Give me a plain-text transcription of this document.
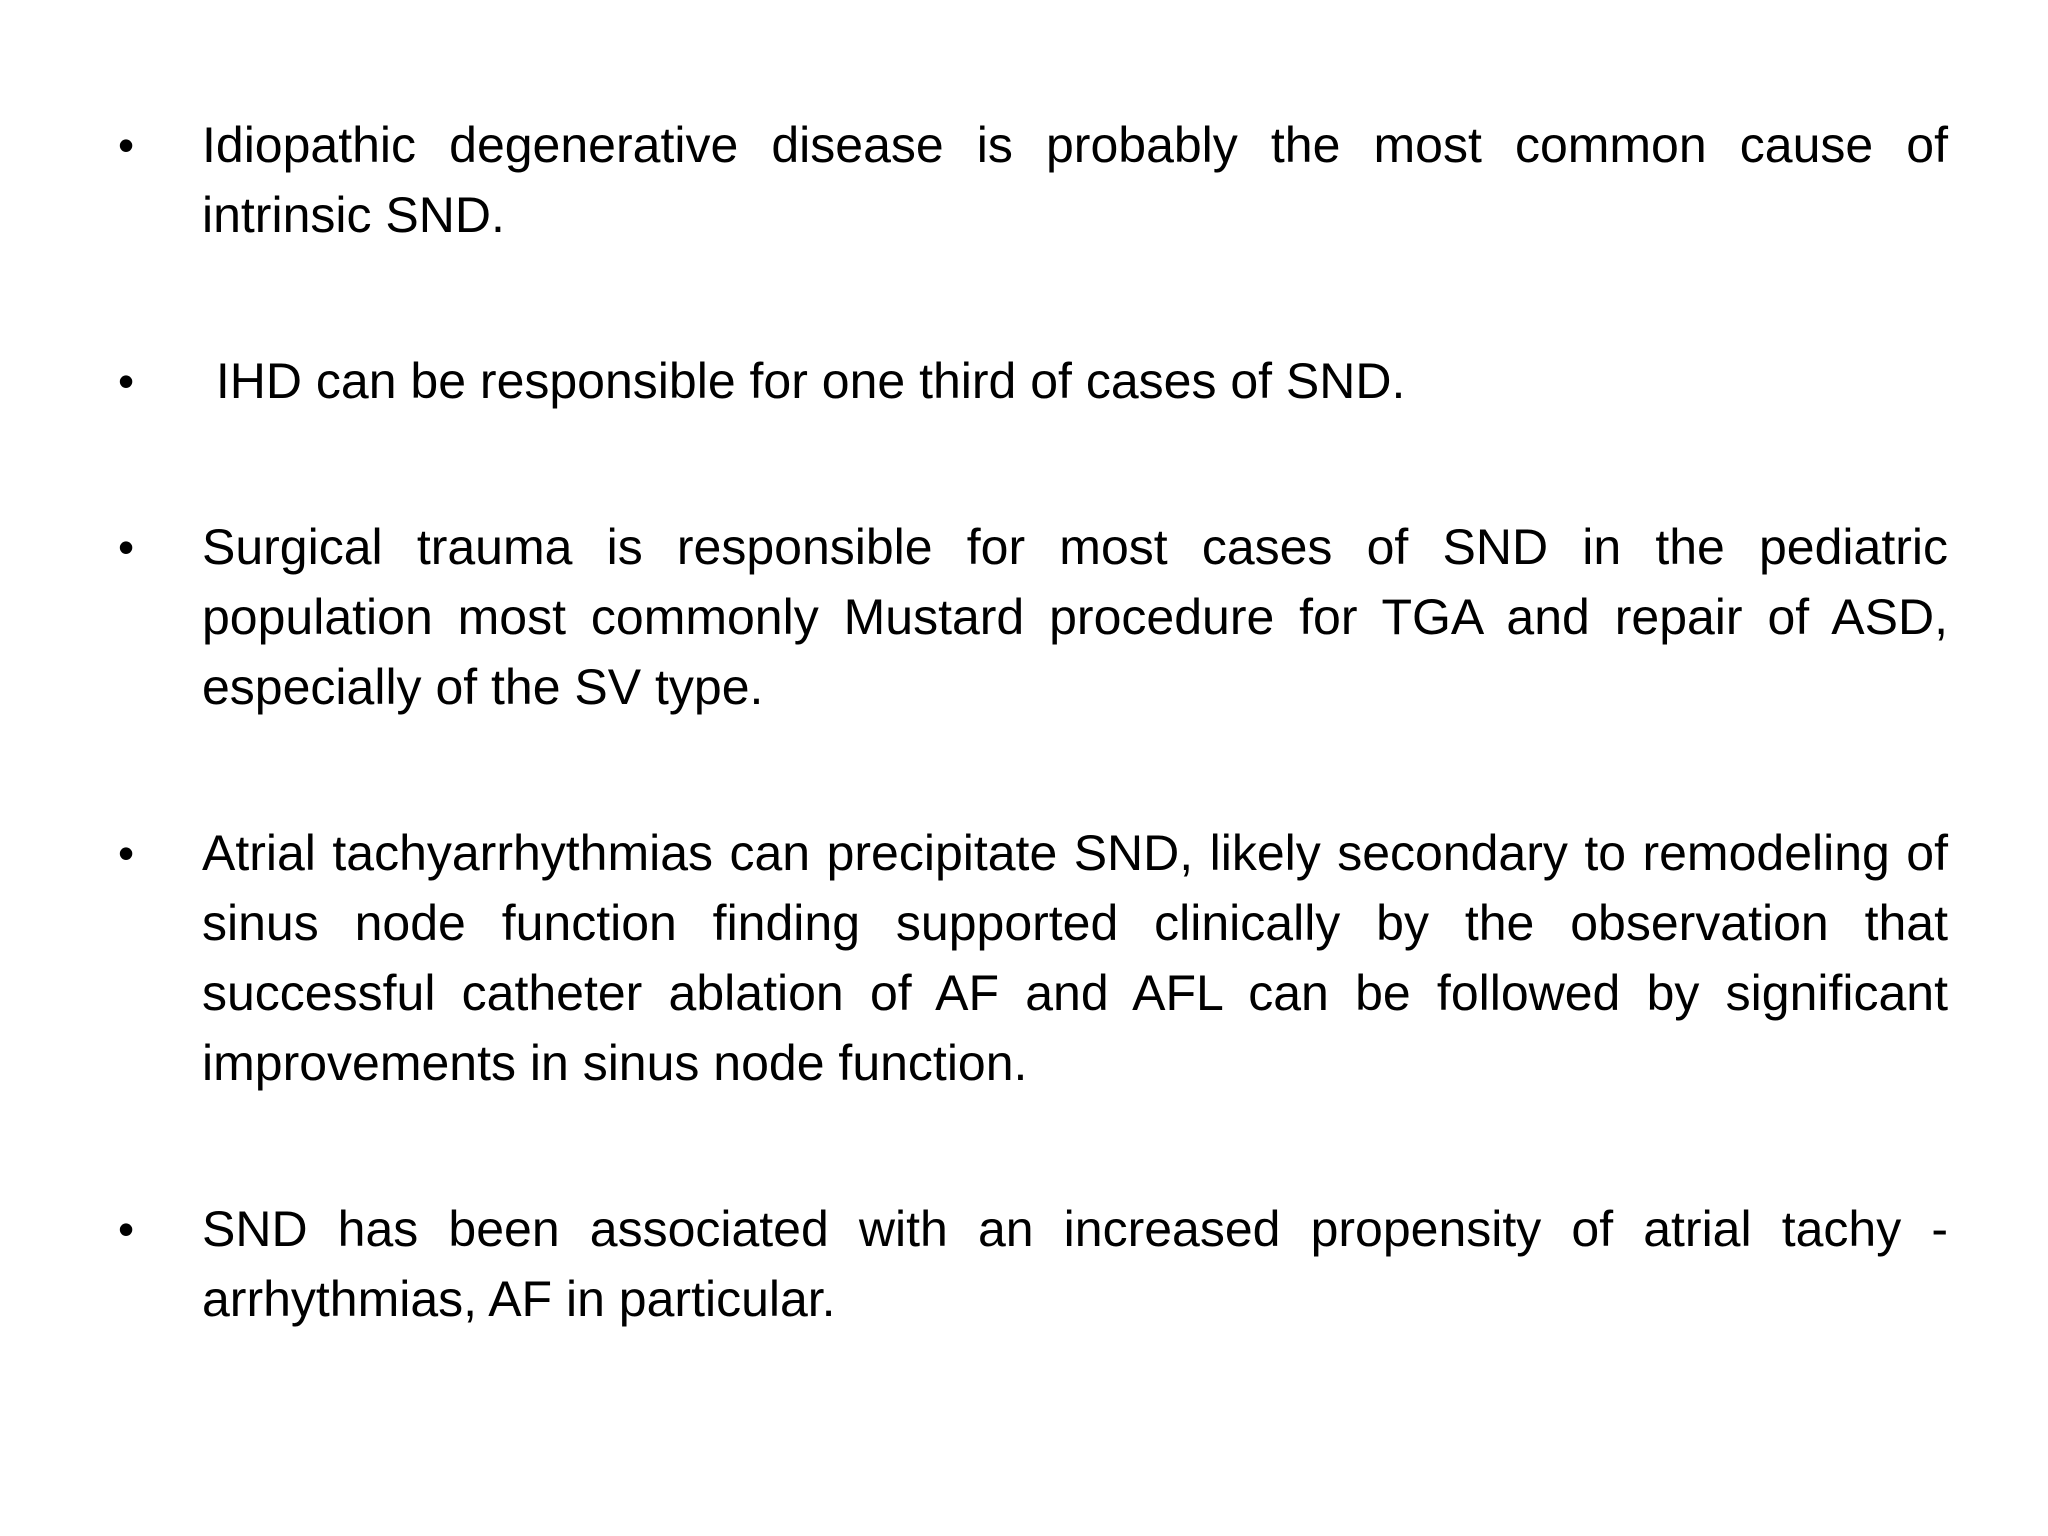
•	Idiopathic degenerative disease is probably the most common cause of intrinsic SND.
•	IHD can be responsible for one third of cases of SND.
•	Surgical trauma is responsible for most cases of SND in the pediatric population most commonly Mustard procedure for TGA and repair of ASD, especially of the SV type.
•	Atrial tachyarrhythmias can precipitate SND, likely secondary to remodeling of sinus node function finding supported clinically by the observation that successful catheter ablation of AF and AFL can be followed by significant improvements in sinus node function.
•	SND has been associated with an increased propensity of atrial tachy - arrhythmias, AF in particular.
